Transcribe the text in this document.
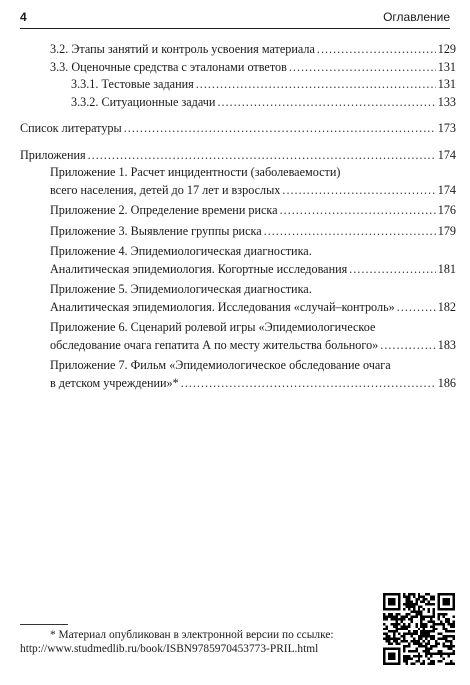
4	Оглавление
3.2. Этапы занятий и контроль усвоения материала .....	129
3.3. Оценочные средства с эталонами ответов .....	131
3.3.1. Тестовые задания .....	131
3.3.2. Ситуационные задачи .....	133
Список литературы .....	173
Приложения .....	174
Приложение 1. Расчет инцидентности (заболеваемости)
всего населения, детей до 17 лет и взрослых .....	174
Приложение 2. Определение времени риска .....	176
Приложение 3. Выявление группы риска .....	179
Приложение 4. Эпидемиологическая диагностика.
Аналитическая эпидемиология. Когортные исследования .....	181
Приложение 5. Эпидемиологическая диагностика.
Аналитическая эпидемиология. Исследования «случай–контроль» .....	182
Приложение 6. Сценарий ролевой игры «Эпидемиологическое
обследование очага гепатита А по месту жительства больного» .....	183
Приложение 7. Фильм «Эпидемиологическое обследование очага
в детском учреждении»* .....	186
* Материал опубликован в электронной версии по ссылке:
http://www.studmedlib.ru/book/ISBN9785970453773-PRIL.html
